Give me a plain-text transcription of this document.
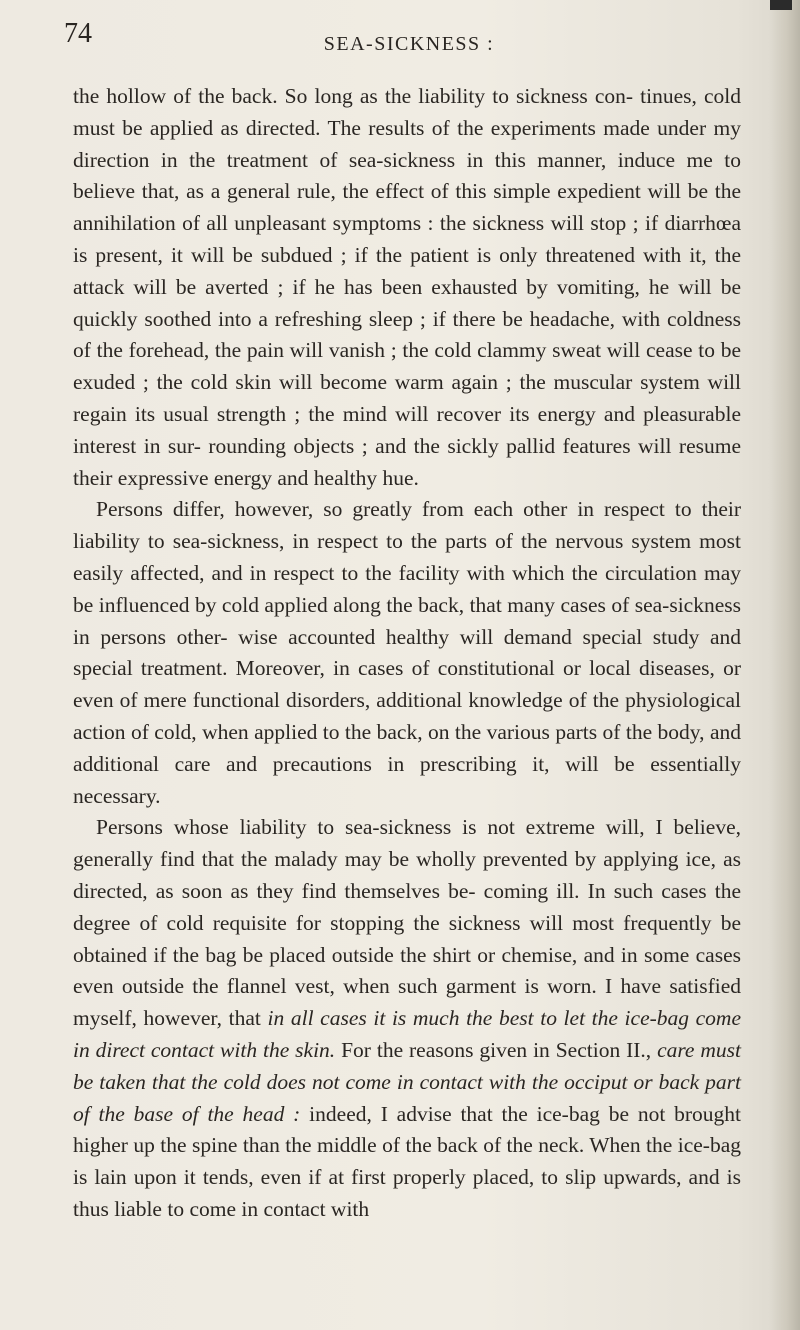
74	SEA-SICKNESS :

the hollow of the back. So long as the liability to sickness con- tinues, cold must be applied as directed. The results of the experiments made under my direction in the treatment of sea-sickness in this manner, induce me to believe that, as a general rule, the effect of this simple expedient will be the annihilation of all unpleasant symptoms : the sickness will stop ; if diarrhœa is present, it will be subdued ; if the patient is only threatened with it, the attack will be averted ; if he has been exhausted by vomiting, he will be quickly soothed into a refreshing sleep ; if there be headache, with coldness of the forehead, the pain will vanish ; the cold clammy sweat will cease to be exuded ; the cold skin will become warm again ; the muscular system will regain its usual strength ; the mind will recover its energy and pleasurable interest in sur- rounding objects ; and the sickly pallid features will resume their expressive energy and healthy hue.

Persons differ, however, so greatly from each other in respect to their liability to sea-sickness, in respect to the parts of the nervous system most easily affected, and in respect to the facility with which the circulation may be influenced by cold applied along the back, that many cases of sea-sickness in persons other- wise accounted healthy will demand special study and special treatment. Moreover, in cases of constitutional or local diseases, or even of mere functional disorders, additional knowledge of the physiological action of cold, when applied to the back, on the various parts of the body, and additional care and precautions in prescribing it, will be essentially necessary.

Persons whose liability to sea-sickness is not extreme will, I believe, generally find that the malady may be wholly prevented by applying ice, as directed, as soon as they find themselves be- coming ill. In such cases the degree of cold requisite for stopping the sickness will most frequently be obtained if the bag be placed outside the shirt or chemise, and in some cases even outside the flannel vest, when such garment is worn. I have satisfied myself, however, that in all cases it is much the best to let the ice-bag come in direct contact with the skin. For the reasons given in Section II., care must be taken that the cold does not come in contact with the occiput or back part of the base of the head : indeed, I advise that the ice-bag be not brought higher up the spine than the middle of the back of the neck. When the ice-bag is lain upon it tends, even if at first properly placed, to slip upwards, and is thus liable to come in contact with
